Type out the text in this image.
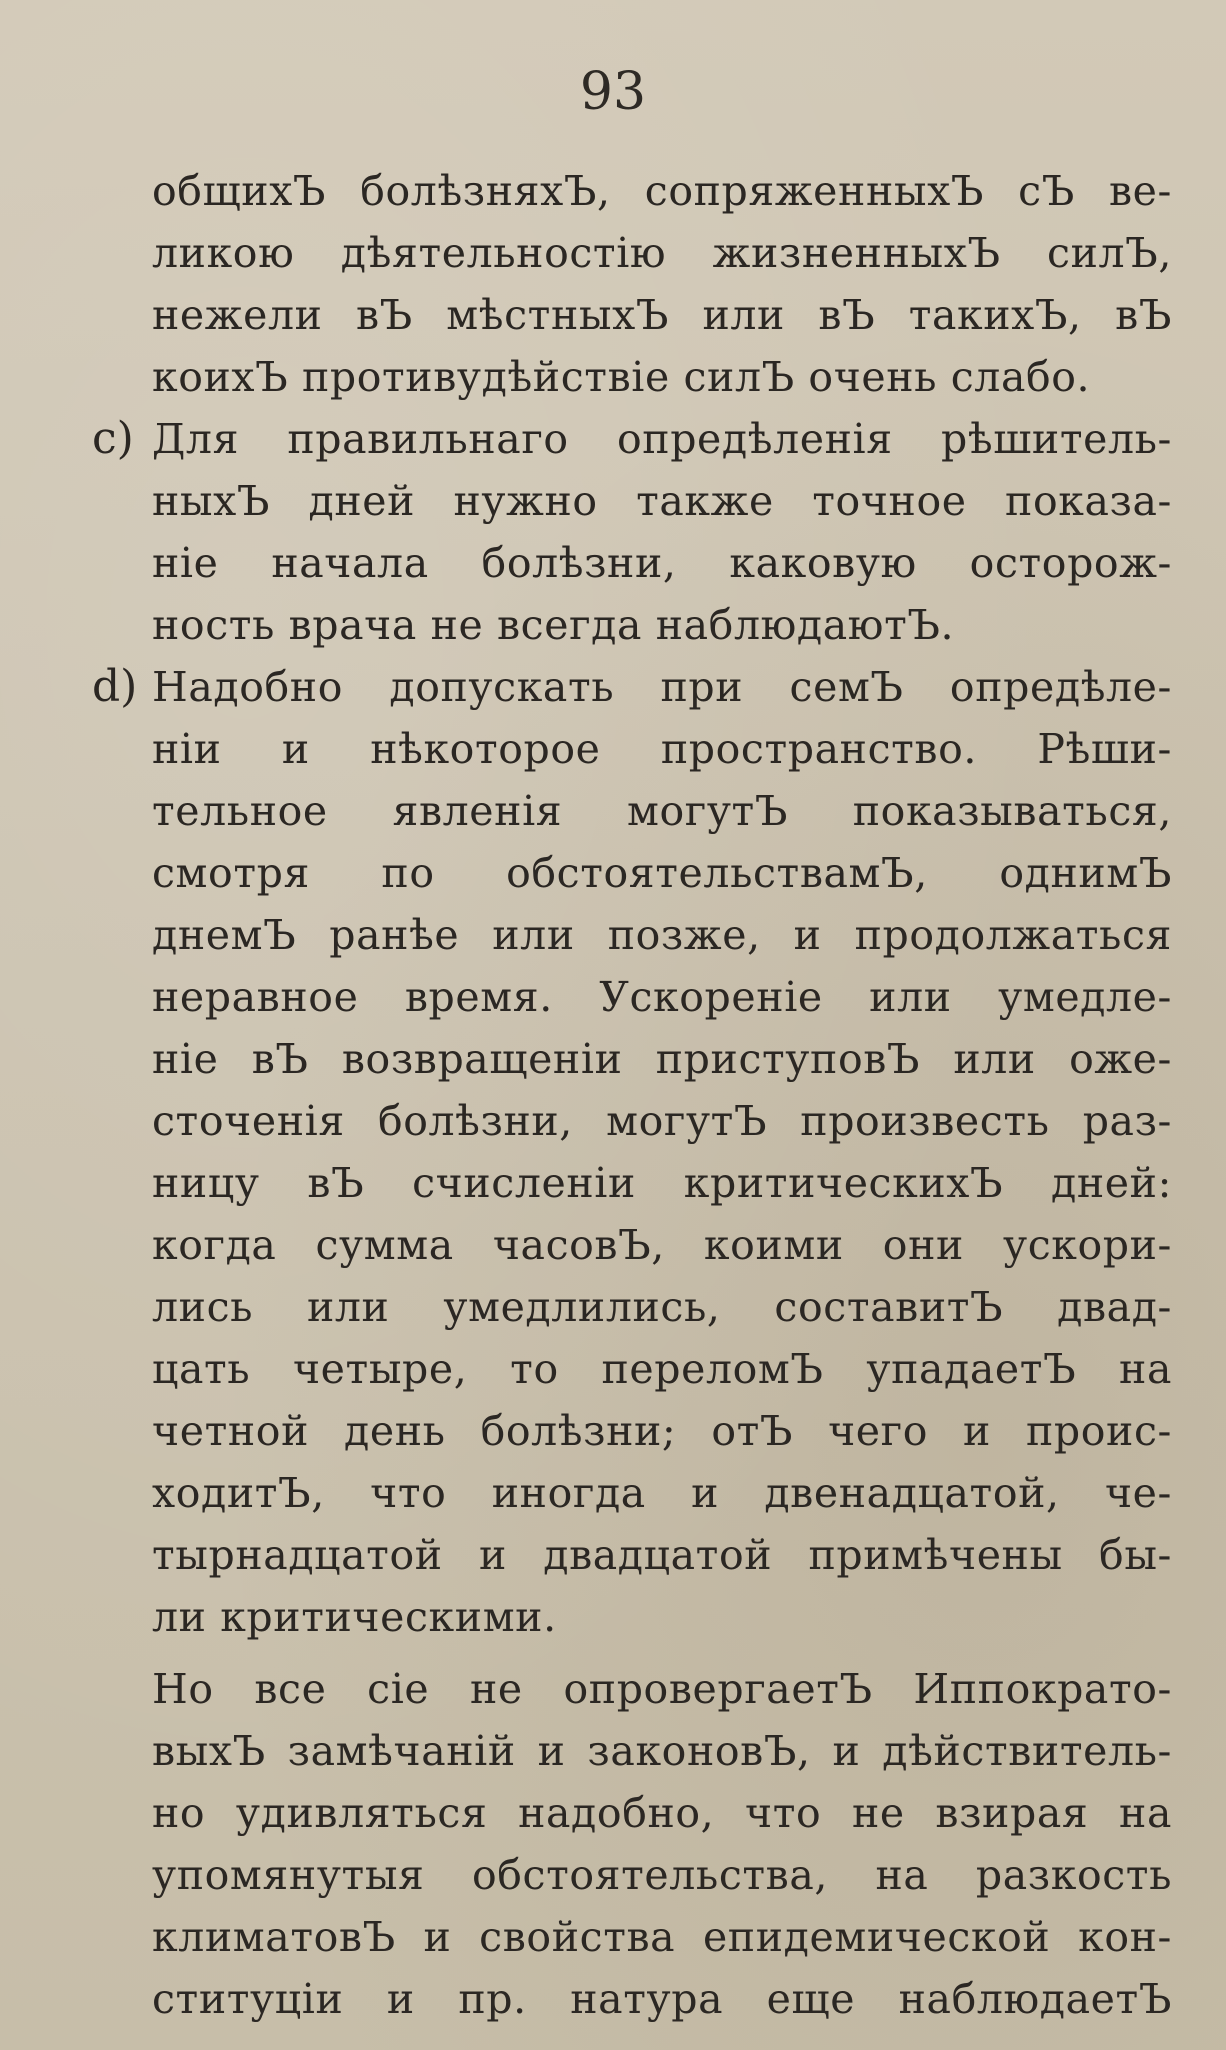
93
общихЪ болѣзняхЪ, сопряженныхЪ сЪ ве-
ликою дѣятельностiю жизненныхЪ силЪ,
нежели вЪ мѣстныхЪ или вЪ такихЪ, вЪ
коихЪ противудѣйствiе силЪ очень слабо.
c) Для правильнаго опредѣленiя рѣшитель-
ныхЪ дней нужно также точное показа-
нiе начала болѣзни, каковую осторож-
ность врача не всегда наблюдаютЪ.
d) Надобно допускать при семЪ опредѣле-
нiи и нѣкоторое пространство. Рѣши-
тельное явленiя могутЪ показываться,
смотря по обстоятельствамЪ, однимЪ
днемЪ ранѣе или позже, и продолжаться
неравное время. Ускоренiе или умедле-
нiе вЪ возвращенiи приступовЪ или оже-
сточенiя болѣзни, могутЪ произвесть раз-
ницу вЪ счисленiи критическихЪ дней:
когда сумма часовЪ, коими они ускори-
лись или умедлились, составитЪ двад-
цать четыре, то переломЪ упадаетЪ на
четной день болѣзни; отЪ чего и проис-
ходитЪ, что иногда и двенадцатой, че-
тырнадцатой и двадцатой примѣчены бы-
ли критическими.
Но все сiе не опровергаетЪ Иппократо-
выхЪ замѣчанiй и законовЪ, и дѣйствитель-
но удивляться надобно, что не взирая на
упомянутыя обстоятельства, на разкость
климатовЪ и свойства епидемической кон-
ституцiи и пр. натура еще наблюдаетЪ
